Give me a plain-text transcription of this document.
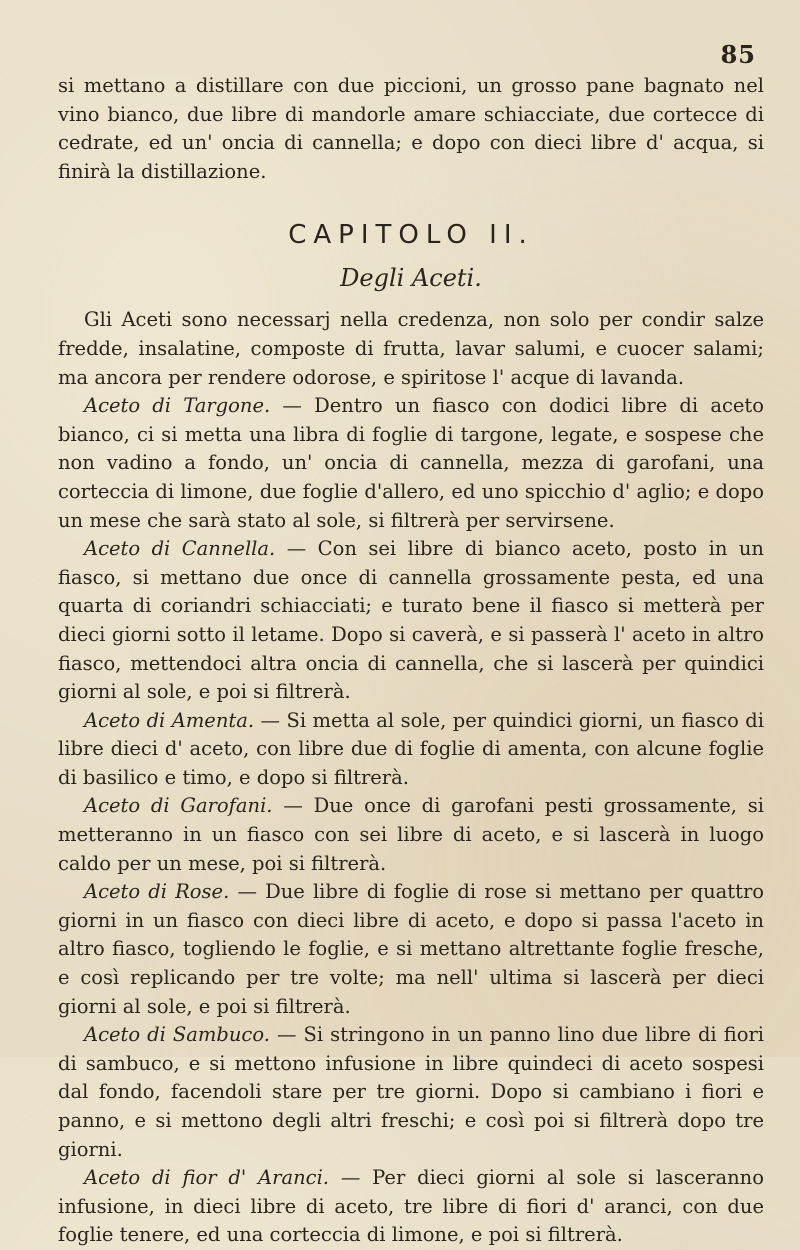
85

si mettano a distillare con due piccioni, un grosso pane bagnato nel vino bianco, due libre di mandorle amare schiacciate, due cortecce di cedrate, ed un' oncia di cannella; e dopo con dieci libre d' acqua, si finirà la distillazione.

CAPITOLO II.
Degli Aceti.

Gli Aceti sono necessarj nella credenza, non solo per condir salze fredde, insalatine, composte di frutta, lavar salumi, e cuocer salami; ma ancora per rendere odorose, e spiritose l' acque di lavanda.

Aceto di Targone. — Dentro un fiasco con dodici libre di aceto bianco, ci si metta una libra di foglie di targone, legate, e sospese che non vadino a fondo, un' oncia di cannella, mezza di garofani, una corteccia di limone, due foglie d'allero, ed uno spicchio d' aglio; e dopo un mese che sarà stato al sole, si filtrerà per servirsene.

Aceto di Cannella. — Con sei libre di bianco aceto, posto in un fiasco, si mettano due once di cannella grossamente pesta, ed una quarta di coriandri schiacciati; e turato bene il fiasco si metterà per dieci giorni sotto il letame. Dopo si caverà, e si passerà l' aceto in altro fiasco, mettendoci altra oncia di cannella, che si lascerà per quindici giorni al sole, e poi si filtrerà.

Aceto di Amenta. — Si metta al sole, per quindici giorni, un fiasco di libre dieci d' aceto, con libre due di foglie di amenta, con alcune foglie di basilico e timo, e dopo si filtrerà.

Aceto di Garofani. — Due once di garofani pesti grossamente, si metteranno in un fiasco con sei libre di aceto, e si lascerà in luogo caldo per un mese, poi si filtrerà.

Aceto di Rose. — Due libre di foglie di rose si mettano per quattro giorni in un fiasco con dieci libre di aceto, e dopo si passa l'aceto in altro fiasco, togliendo le foglie, e si mettano altrettante foglie fresche, e così replicando per tre volte; ma nell' ultima si lascerà per dieci giorni al sole, e poi si filtrerà.

Aceto di Sambuco. — Si stringono in un panno lino due libre di fiori di sambuco, e si mettono infusione in libre quindeci di aceto sospesi dal fondo, facendoli stare per tre giorni. Dopo si cambiano i fiori e panno, e si mettono degli altri freschi; e così poi si filtrerà dopo tre giorni.

Aceto di fior d' Aranci. — Per dieci giorni al sole si lasceranno infusione, in dieci libre di aceto, tre libre di fiori d' aranci, con due foglie tenere, ed una corteccia di limone, e poi si filtrerà.
